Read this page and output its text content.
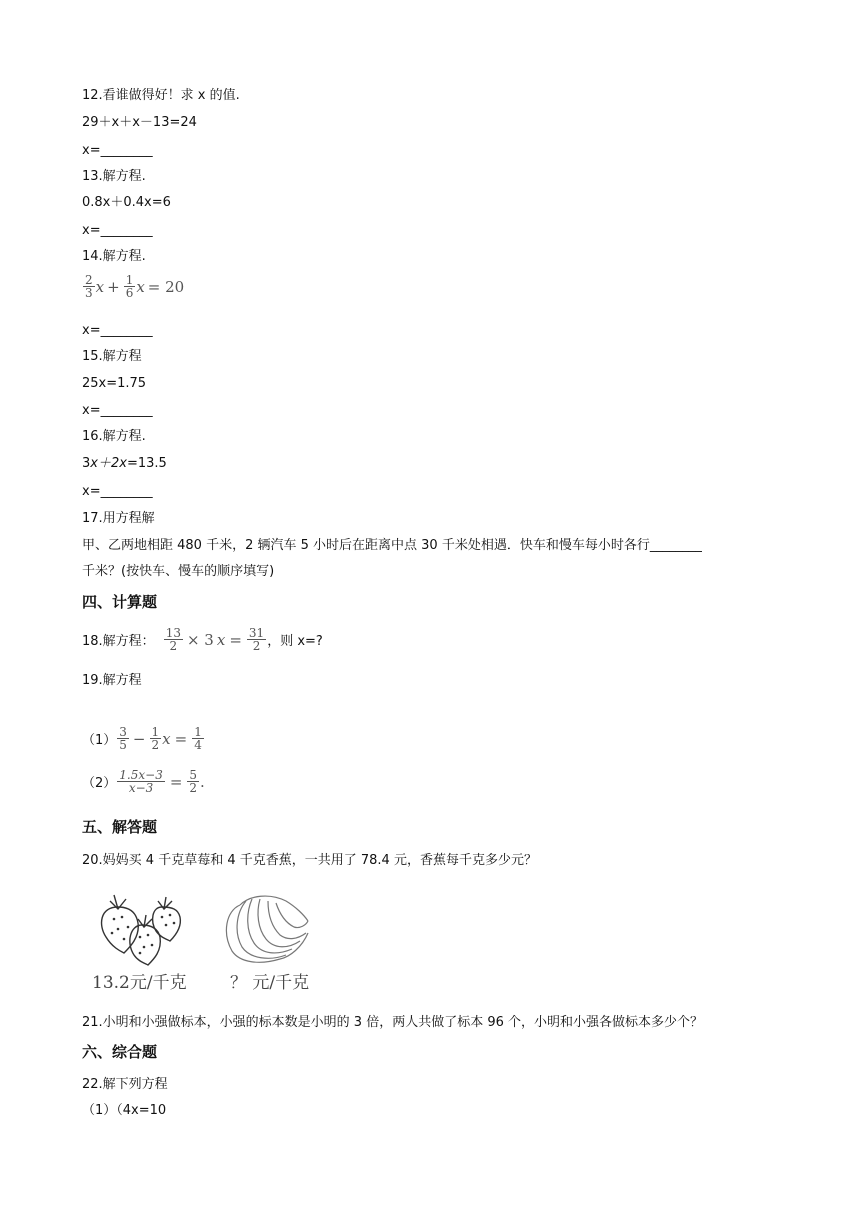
12.看谁做得好！求 x 的值.
29＋x＋x－13=24
x=________
13.解方程.
0.8x＋0.4x=6
x=________
14.解方程.
$\frac{2}{3}$ $x + \frac{1}{6}$ x = 20
x=________
15.解方程
25x=1.75
x=________
16.解方程.
3x＋2x=13.5
x=________
17.用方程解
甲、乙两地相距 480 千米，2 辆汽车 5 小时后在距离中点 30 千米处相遇．快车和慢车每小时各行________
千米？(按快车、慢车的顺序填写)
四、计算题
18.解方程： $\frac{13}{2} \times 3$ $x = \frac{31}{2}$ ，则 x=?
19.解方程
$(1) \frac{3}{5} - \frac{1}{2}$ $x = \frac{1}{4}$
$(2) \frac{1.5x-3}{x-3} = \frac{5}{2}$ .
五、解答题
20.妈妈买 4 千克草莓和 4 千克香蕉，一共用了 78.4 元，香蕉每千克多少元？
13.2元/千克	？ 元/千克
21.小明和小强做标本，小强的标本数是小明的 3 倍，两人共做了标本 96 个，小明和小强各做标本多少个？
六、综合题
22.解下列方程
（1）（4x=10
